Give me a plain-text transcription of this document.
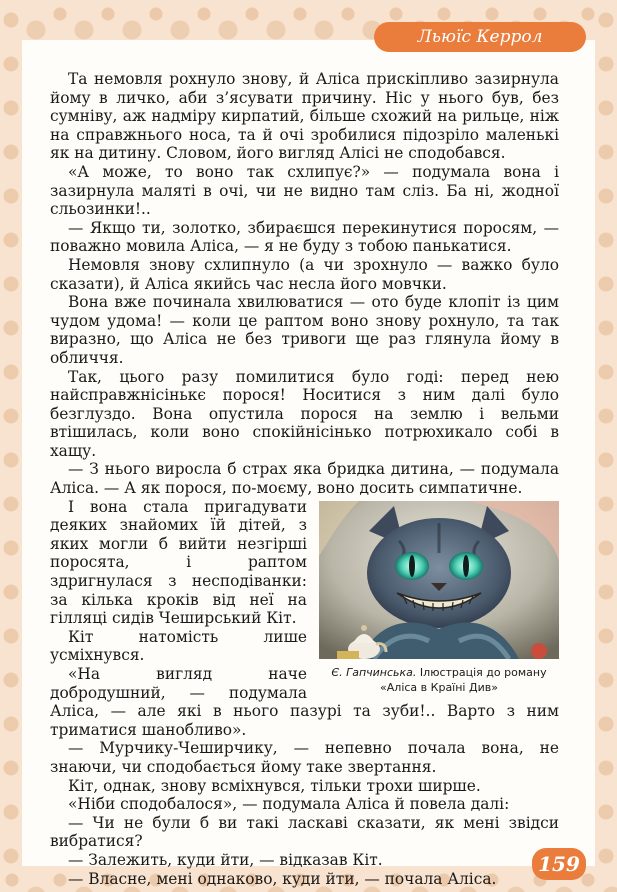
Льюїс Керрол

Та немовля рохнуло знову, й Аліса прискіпливо зазирнула йому в личко, аби з’ясувати причину. Ніс у нього був, без сумніву, аж надміру кирпатий, більше схожий на рильце, ніж на справжнього носа, та й очі зробилися підозріло маленькі як на дитину. Словом, його вигляд Алісі не сподобався.

«А може, то воно так схлипує?» — подумала вона і зазирнула маляті в очі, чи не видно там сліз. Ба ні, жодної сльозинки!..

— Якщо ти, золотко, збираєшся перекинутися поросям, — поважно мовила Аліса, — я не буду з тобою панькатися.

Немовля знову схлипнуло (а чи зрохнуло — важко було сказати), й Аліса якийсь час несла його мовчки.

Вона вже починала хвилюватися — ото буде клопіт із цим чудом удома! — коли це раптом воно знову рохнуло, та так виразно, що Аліса не без тривоги ще раз глянула йому в обличчя.

Так, цього разу помилитися було годі: перед нею найсправжнісінькє порося! Носитися з ним далі було безглуздо. Вона опустила порося на землю і вельми втішилась, коли воно спокійнісінько потрюхикало собі в хащу.

— З нього виросла б страх яка бридка дитина, — подумала Аліса. — А як порося, по-моєму, воно досить симпатичне.

Є. Гапчинська. Ілюстрація до роману «Аліса в Країні Див»

І вона стала пригадувати деяких знайомих їй дітей, з яких могли б вийти незгірші поросята, і раптом здригнулася з несподіванки: за кілька кроків від неї на гілляці сидів Чеширський Кіт.

Кіт натомість лише усміхнувся.

«На вигляд наче добродушний, — подумала Аліса, — але які в нього пазурі та зуби!.. Варто з ним триматися шанобливо».

— Мурчику-Чеширчику, — непевно почала вона, не знаючи, чи сподобається йому таке звертання.

Кіт, однак, знову всміхнувся, тільки трохи ширше.

«Ніби сподобалося», — подумала Аліса й повела далі:

— Чи не були б ви такі ласкаві сказати, як мені звідси вибратися?

— Залежить, куди йти, — відказав Кіт.

— Власне, мені однаково, куди йти, — почала Аліса.

159
